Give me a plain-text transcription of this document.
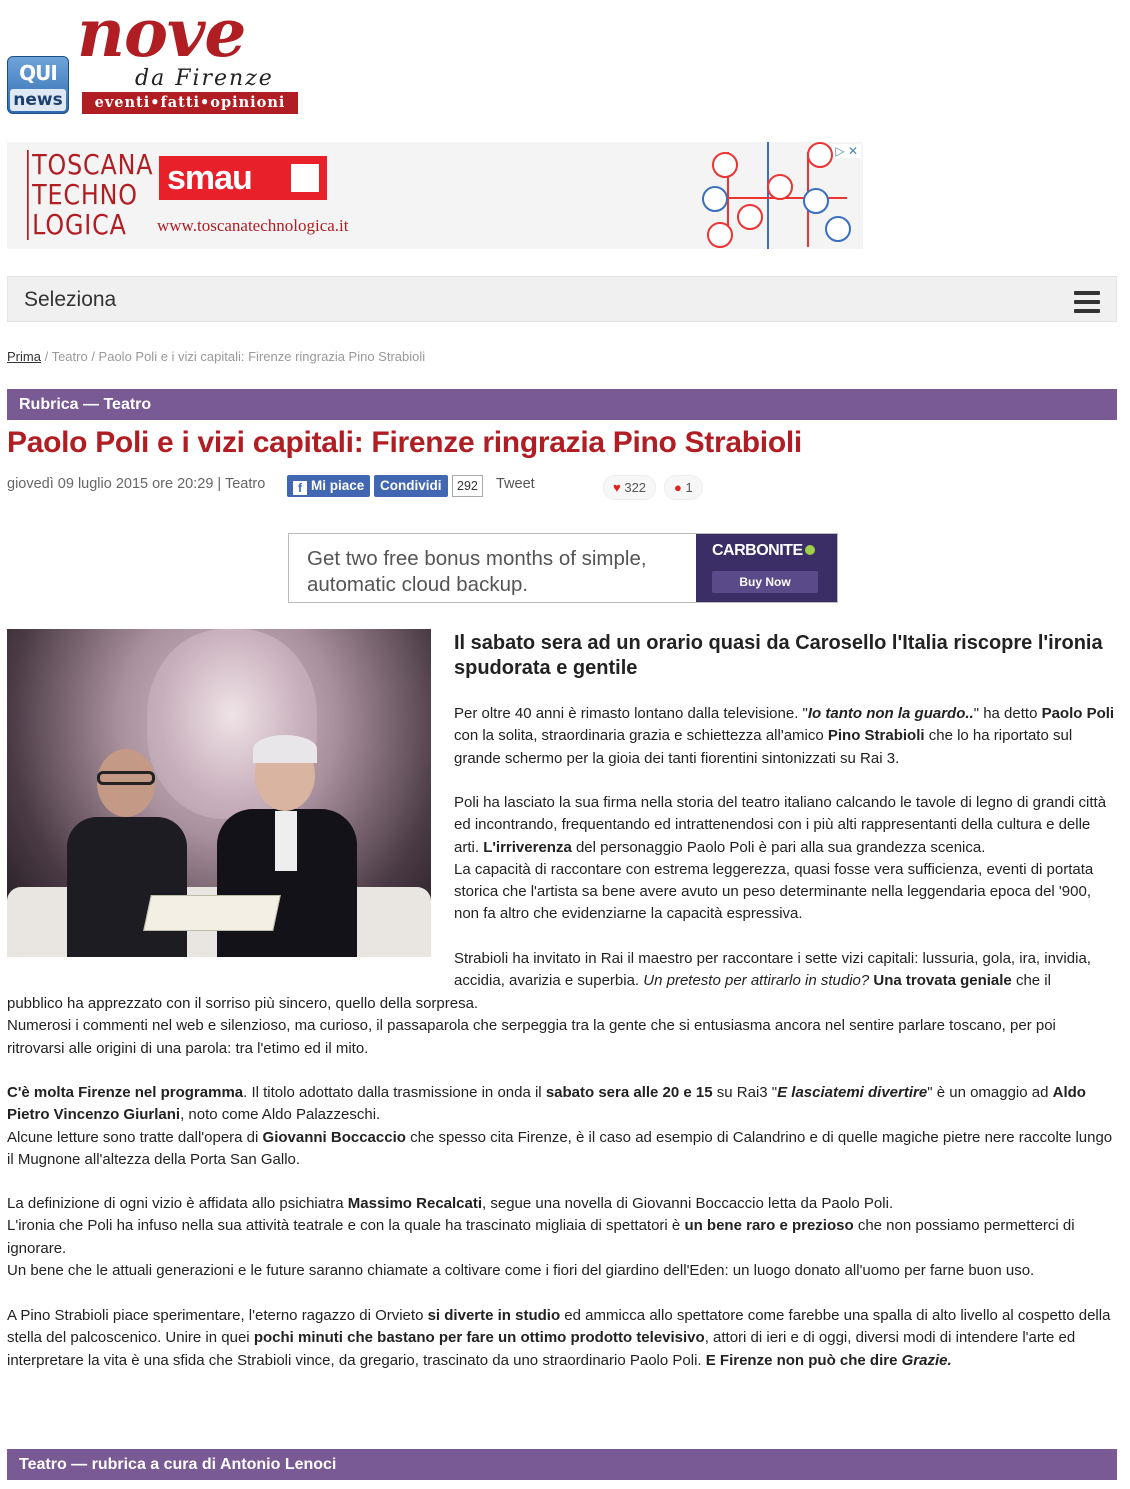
QUI
news
nove
da Firenze
eventi•fatti•opinioni
TOSCANA
TECHNO
LOGICA
smau
www.toscanatechnologica.it
▷ ✕
Seleziona
Prima / Teatro / Paolo Poli e i vizi capitali: Firenze ringrazia Pino Strabioli
Rubrica — Teatro
Paolo Poli e i vizi capitali: Firenze ringrazia Pino Strabioli
giovedì 09 luglio 2015 ore 20:29 | Teatro	f Mi piace	Condividi	292	Tweet	♥ 322	● 1
Get two free bonus months of simple,
automatic cloud backup.
CARBONITE
Buy Now
Il sabato sera ad un orario quasi da Carosello l'Italia riscopre l'ironia spudorata e gentile
Per oltre 40 anni è rimasto lontano dalla televisione. "Io tanto non la guardo.." ha detto Paolo Poli con la solita, straordinaria grazia e schiettezza all'amico Pino Strabioli che lo ha riportato sul grande schermo per la gioia dei tanti fiorentini sintonizzati su Rai 3.
Poli ha lasciato la sua firma nella storia del teatro italiano calcando le tavole di legno di grandi città ed incontrando, frequentando ed intrattenendosi con i più alti rappresentanti della cultura e delle arti. L'irriverenza del personaggio Paolo Poli è pari alla sua grandezza scenica.
La capacità di raccontare con estrema leggerezza, quasi fosse vera sufficienza, eventi di portata storica che l'artista sa bene avere avuto un peso determinante nella leggendaria epoca del '900, non fa altro che evidenziarne la capacità espressiva.
Strabioli ha invitato in Rai il maestro per raccontare i sette vizi capitali: lussuria, gola, ira, invidia, accidia, avarizia e superbia. Un pretesto per attirarlo in studio? Una trovata geniale che il
pubblico ha apprezzato con il sorriso più sincero, quello della sorpresa.
Numerosi i commenti nel web e silenzioso, ma curioso, il passaparola che serpeggia tra la gente che si entusiasma ancora nel sentire parlare toscano, per poi ritrovarsi alle origini di una parola: tra l'etimo ed il mito.
C'è molta Firenze nel programma. Il titolo adottato dalla trasmissione in onda il sabato sera alle 20 e 15 su Rai3 "E lasciatemi divertire" è un omaggio ad Aldo Pietro Vincenzo Giurlani, noto come Aldo Palazzeschi.
Alcune letture sono tratte dall'opera di Giovanni Boccaccio che spesso cita Firenze, è il caso ad esempio di Calandrino e di quelle magiche pietre nere raccolte lungo il Mugnone all'altezza della Porta San Gallo.
La definizione di ogni vizio è affidata allo psichiatra Massimo Recalcati, segue una novella di Giovanni Boccaccio letta da Paolo Poli.
L'ironia che Poli ha infuso nella sua attività teatrale e con la quale ha trascinato migliaia di spettatori è un bene raro e prezioso che non possiamo permetterci di ignorare.
Un bene che le attuali generazioni e le future saranno chiamate a coltivare come i fiori del giardino dell'Eden: un luogo donato all'uomo per farne buon uso.
A Pino Strabioli piace sperimentare, l'eterno ragazzo di Orvieto si diverte in studio ed ammicca allo spettatore come farebbe una spalla di alto livello al cospetto della stella del palcoscenico. Unire in quei pochi minuti che bastano per fare un ottimo prodotto televisivo, attori di ieri e di oggi, diversi modi di intendere l'arte ed interpretare la vita è una sfida che Strabioli vince, da gregario, trascinato da uno straordinario Paolo Poli. E Firenze non può che dire Grazie.
Teatro — rubrica a cura di Antonio Lenoci
